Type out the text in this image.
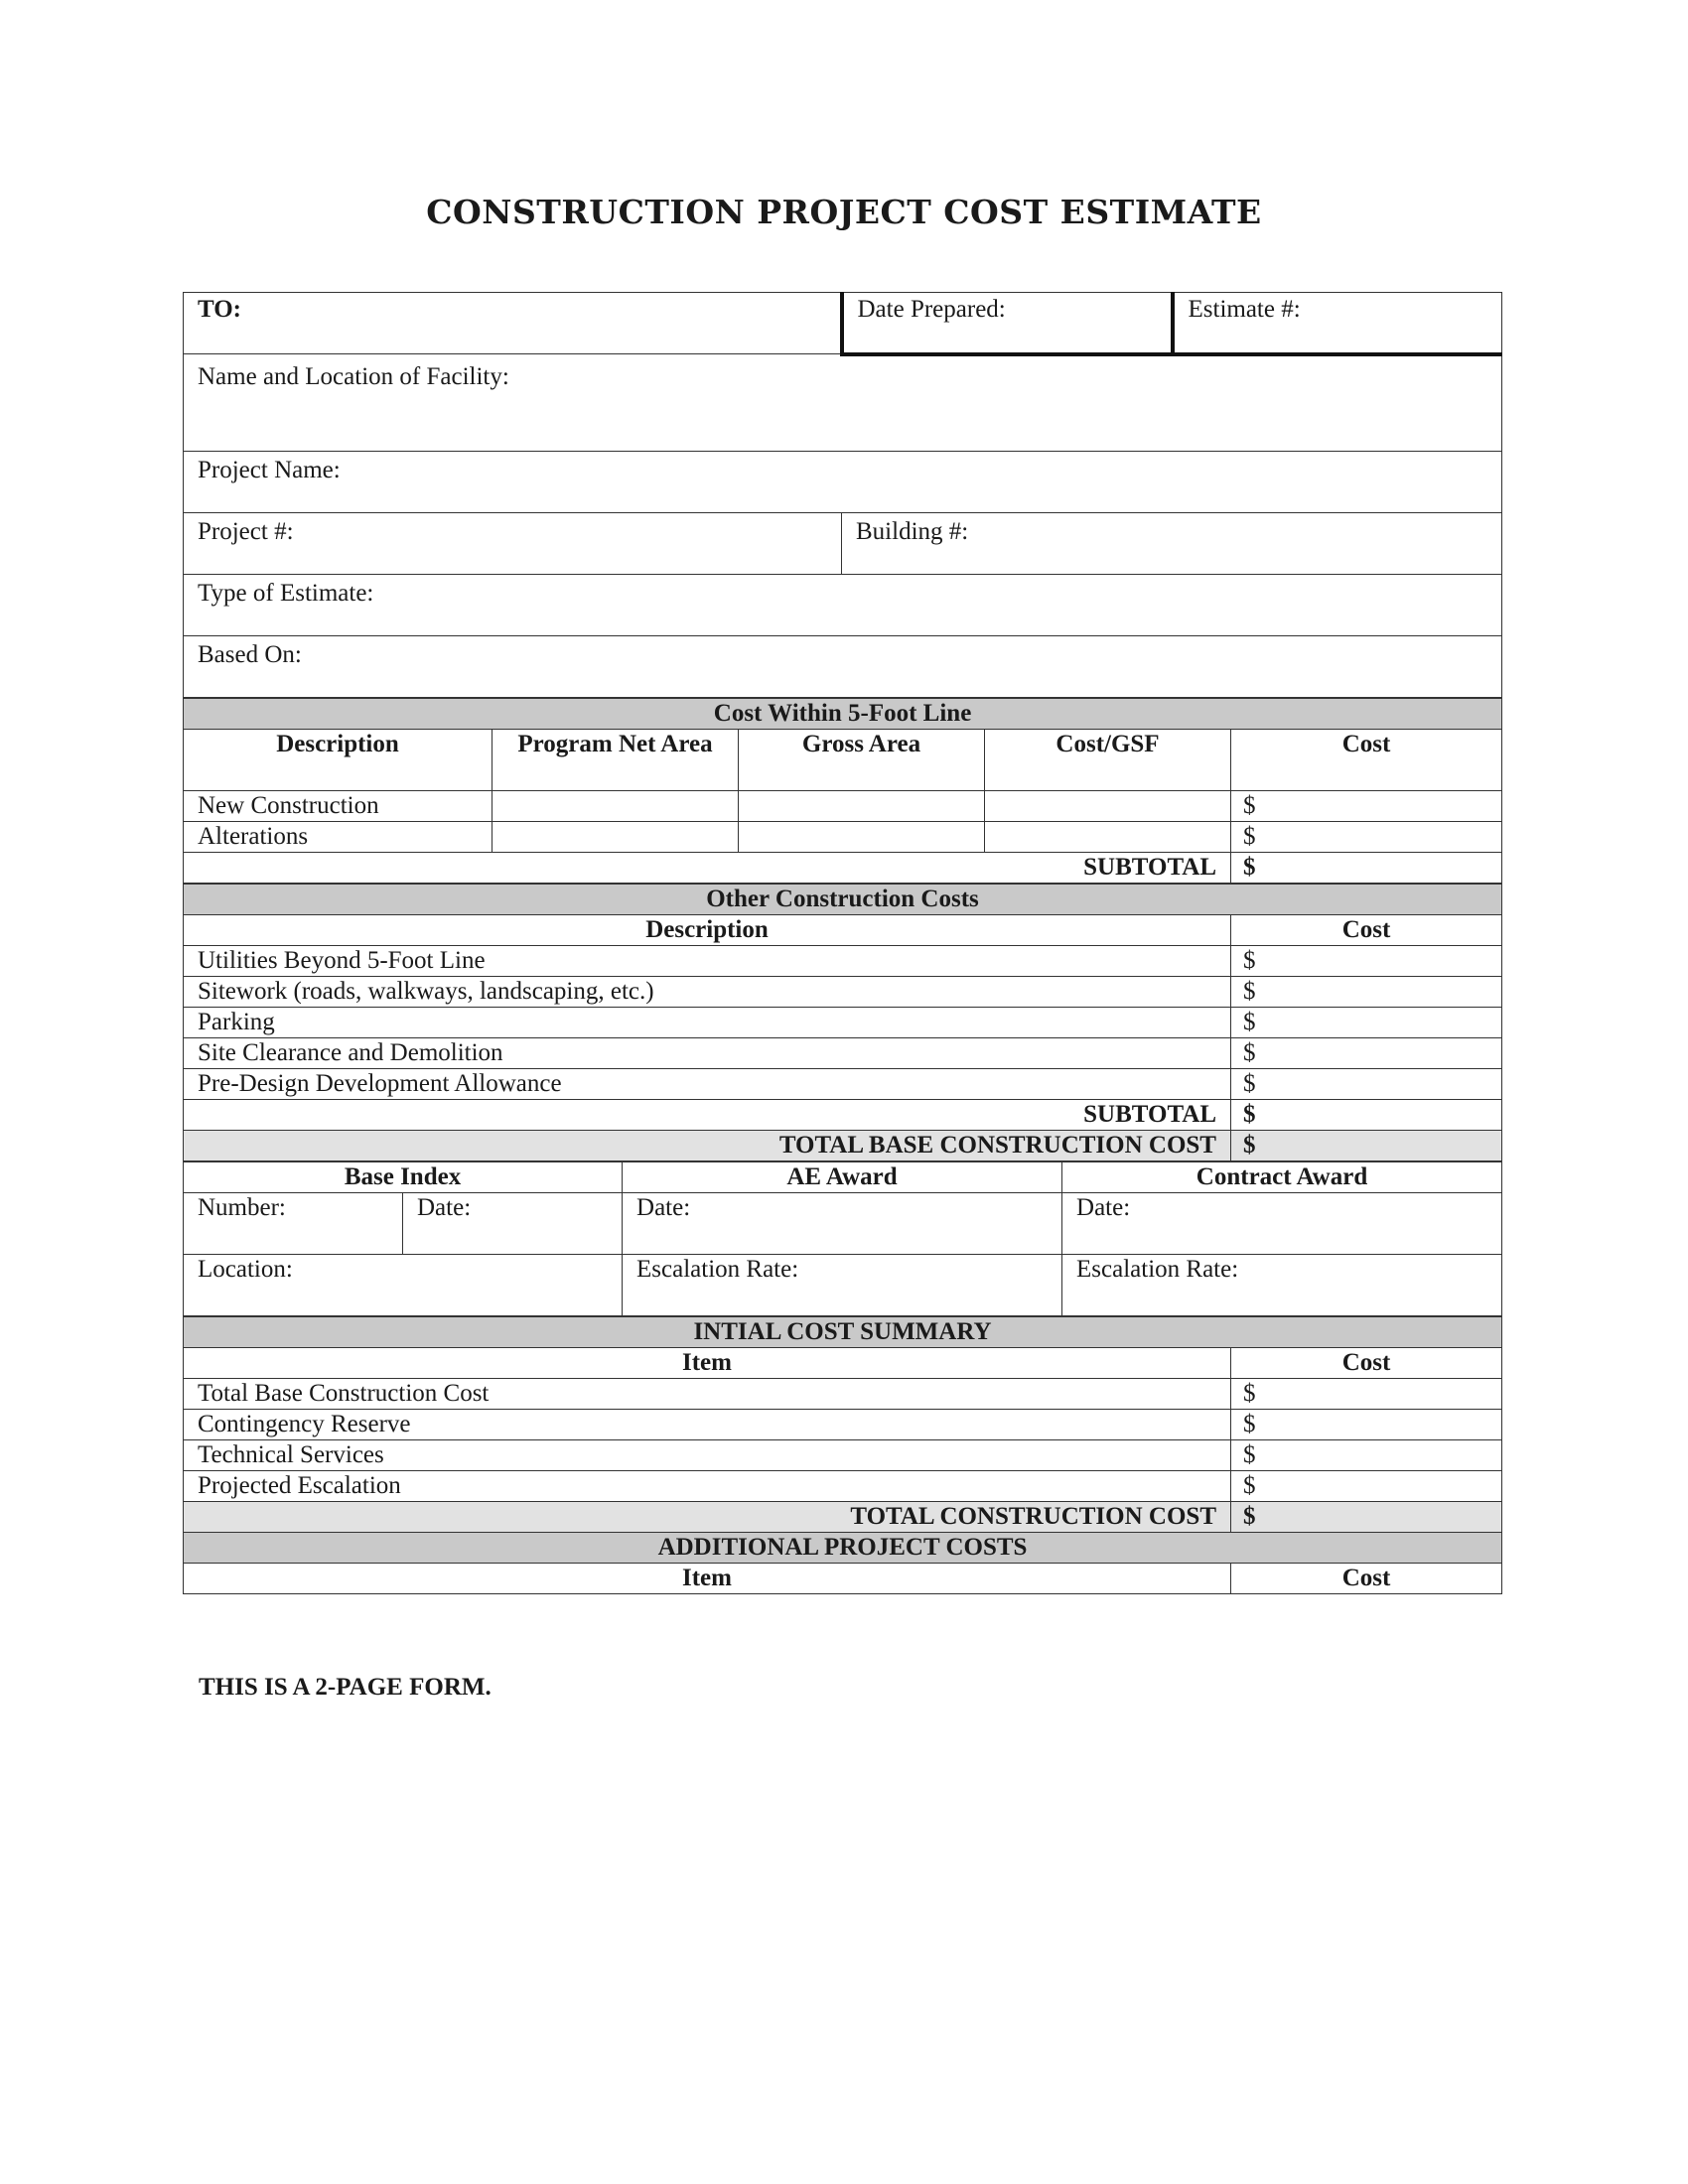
CONSTRUCTION PROJECT COST ESTIMATE
TO:	Date Prepared:	Estimate #:
Name and Location of Facility:		
Project Name:		
Project #:	Building #:	
Type of Estimate:		
Based On:		
Cost Within 5-Foot Line				
Description	Program Net Area	Gross Area	Cost/GSF	Cost
New Construction				$
Alterations				$
SUBTOTAL				$
Other Construction Costs	
Description	Cost
Utilities Beyond 5-Foot Line	$
Sitework (roads, walkways, landscaping, etc.)	$
Parking	$
Site Clearance and Demolition	$
Pre-Design Development Allowance	$
SUBTOTAL	$
TOTAL BASE CONSTRUCTION COST	$
Base Index		AE Award	Contract Award
Number:	Date:	Date:	Date:
Location:		Escalation Rate:	Escalation Rate:
INTIAL COST SUMMARY	
Item	Cost
Total Base Construction Cost	$
Contingency Reserve	$
Technical Services	$
Projected Escalation	$
TOTAL CONSTRUCTION COST	$
ADDITIONAL PROJECT COSTS	
Item	Cost
THIS IS A 2-PAGE FORM.
